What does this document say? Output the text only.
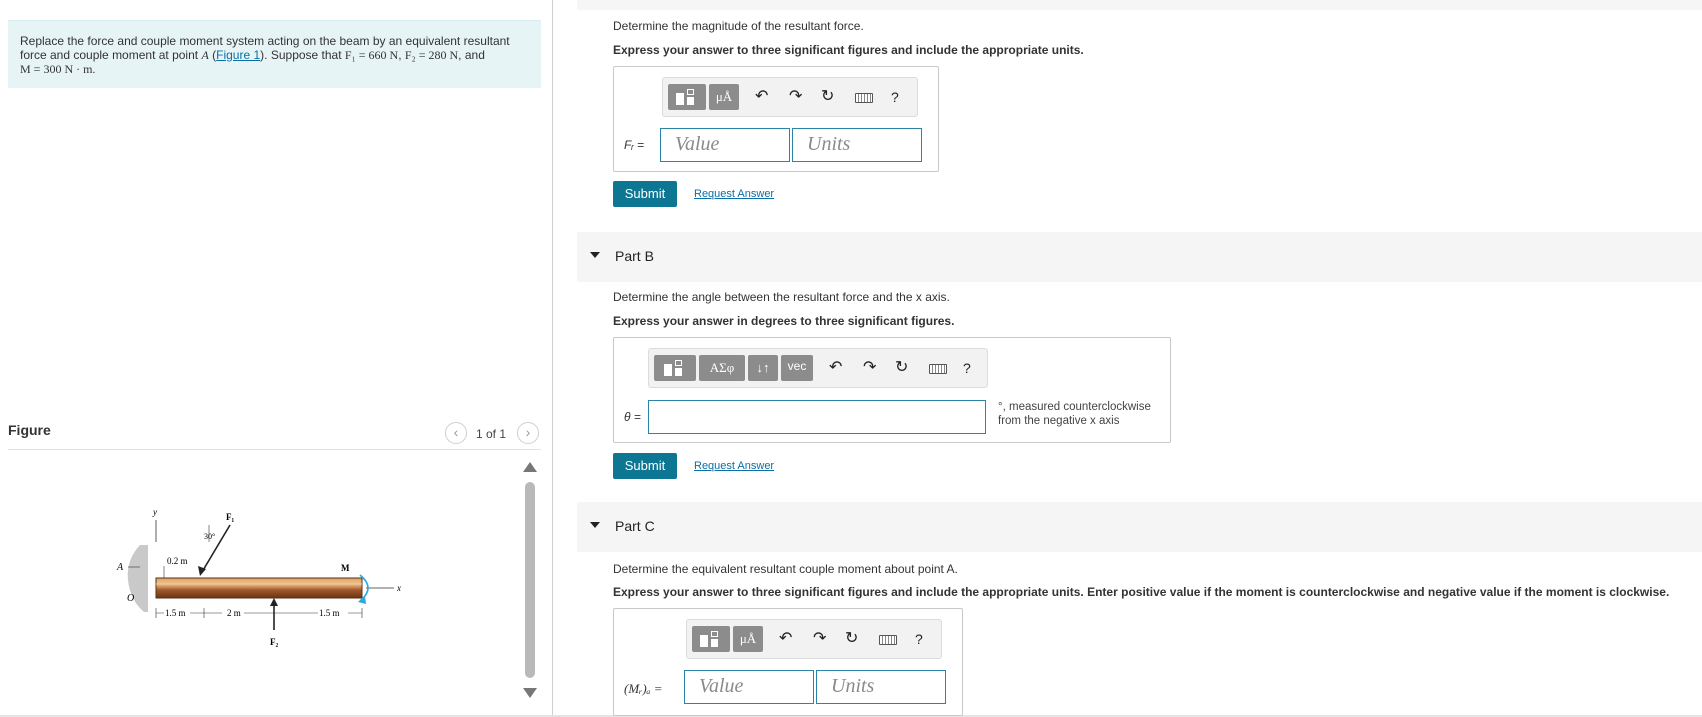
Replace the force and couple moment system acting on the beam by an equivalent resultant force and couple moment at point A (Figure 1). Suppose that F₁ = 660 N, F₂ = 280 N, and
M = 300 N · m.
Figure	‹	1 of 1	›
y
x
A
O
0.2 m
30°
F₁
F₂
M
1.5 m	2 m	1.5 m
Determine the magnitude of the resultant force.
Express your answer to three significant figures and include the appropriate units.
μÅ	↶ ↷ ↻	?
Fᵣ =	Value	Units
Submit	Request Answer
Part B
Determine the angle between the resultant force and the x axis.
Express your answer in degrees to three significant figures.
ΑΣφ	↓↑	vec	↶ ↷ ↻	?
θ =
°, measured counterclockwise
from the negative x axis
Submit	Request Answer
Part C
Determine the equivalent resultant couple moment about point A.
Express your answer to three significant figures and include the appropriate units. Enter positive value if the moment is counterclockwise and negative value if the moment is clockwise.
μÅ	↶ ↷ ↻	?
(Mᵣ)ₐ =	Value	Units
